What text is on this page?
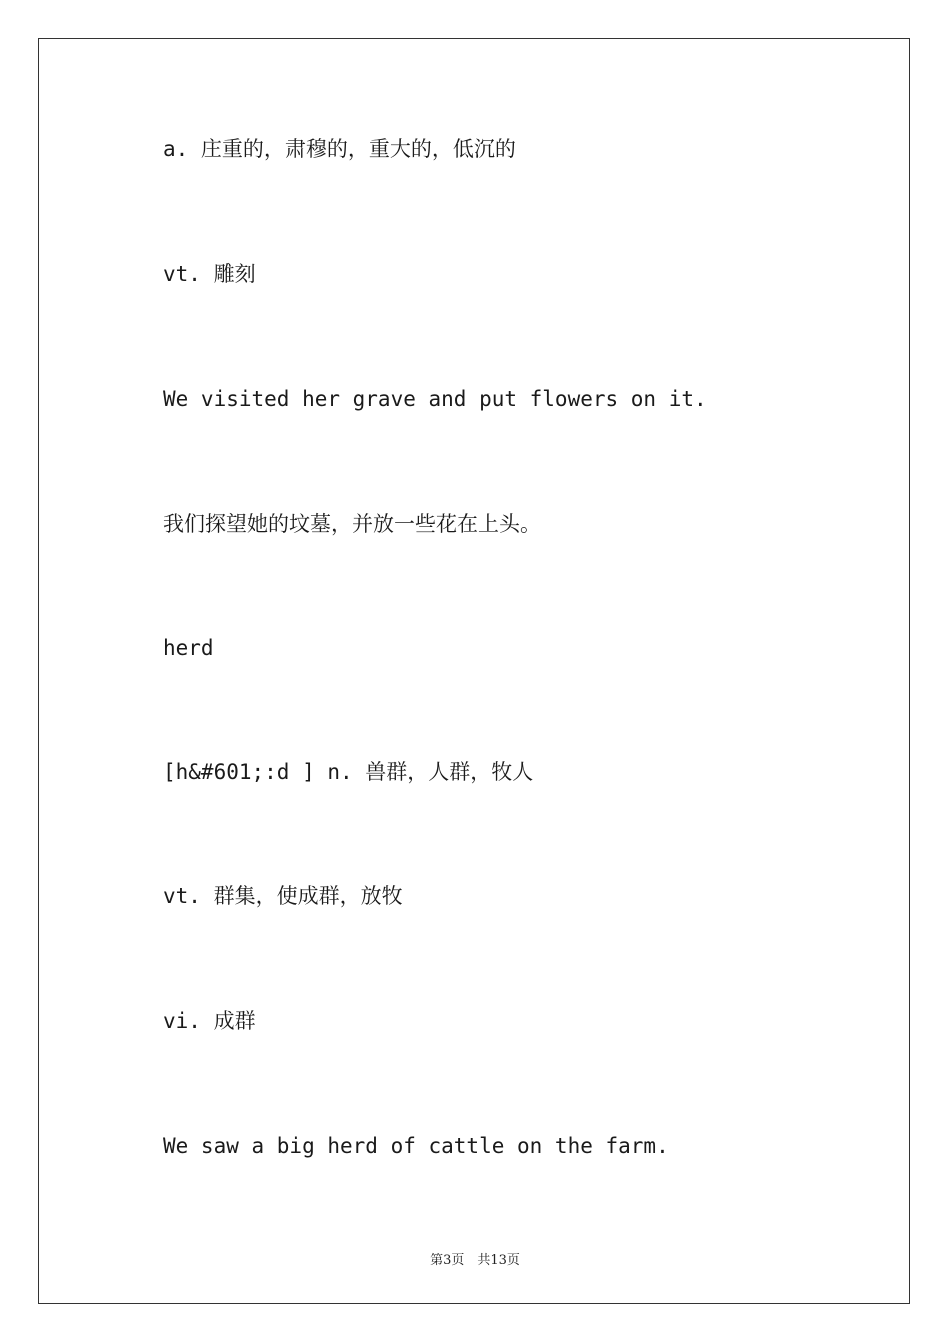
a. 庄重的，肃穆的，重大的，低沉的
vt. 雕刻
We visited her grave and put flowers on it.
我们探望她的坟墓，并放一些花在上头。
herd
[h&#601;:d ] n. 兽群，人群，牧人
vt. 群集，使成群，放牧
vi. 成群
We saw a big herd of cattle on the farm.
第3页　共13页
